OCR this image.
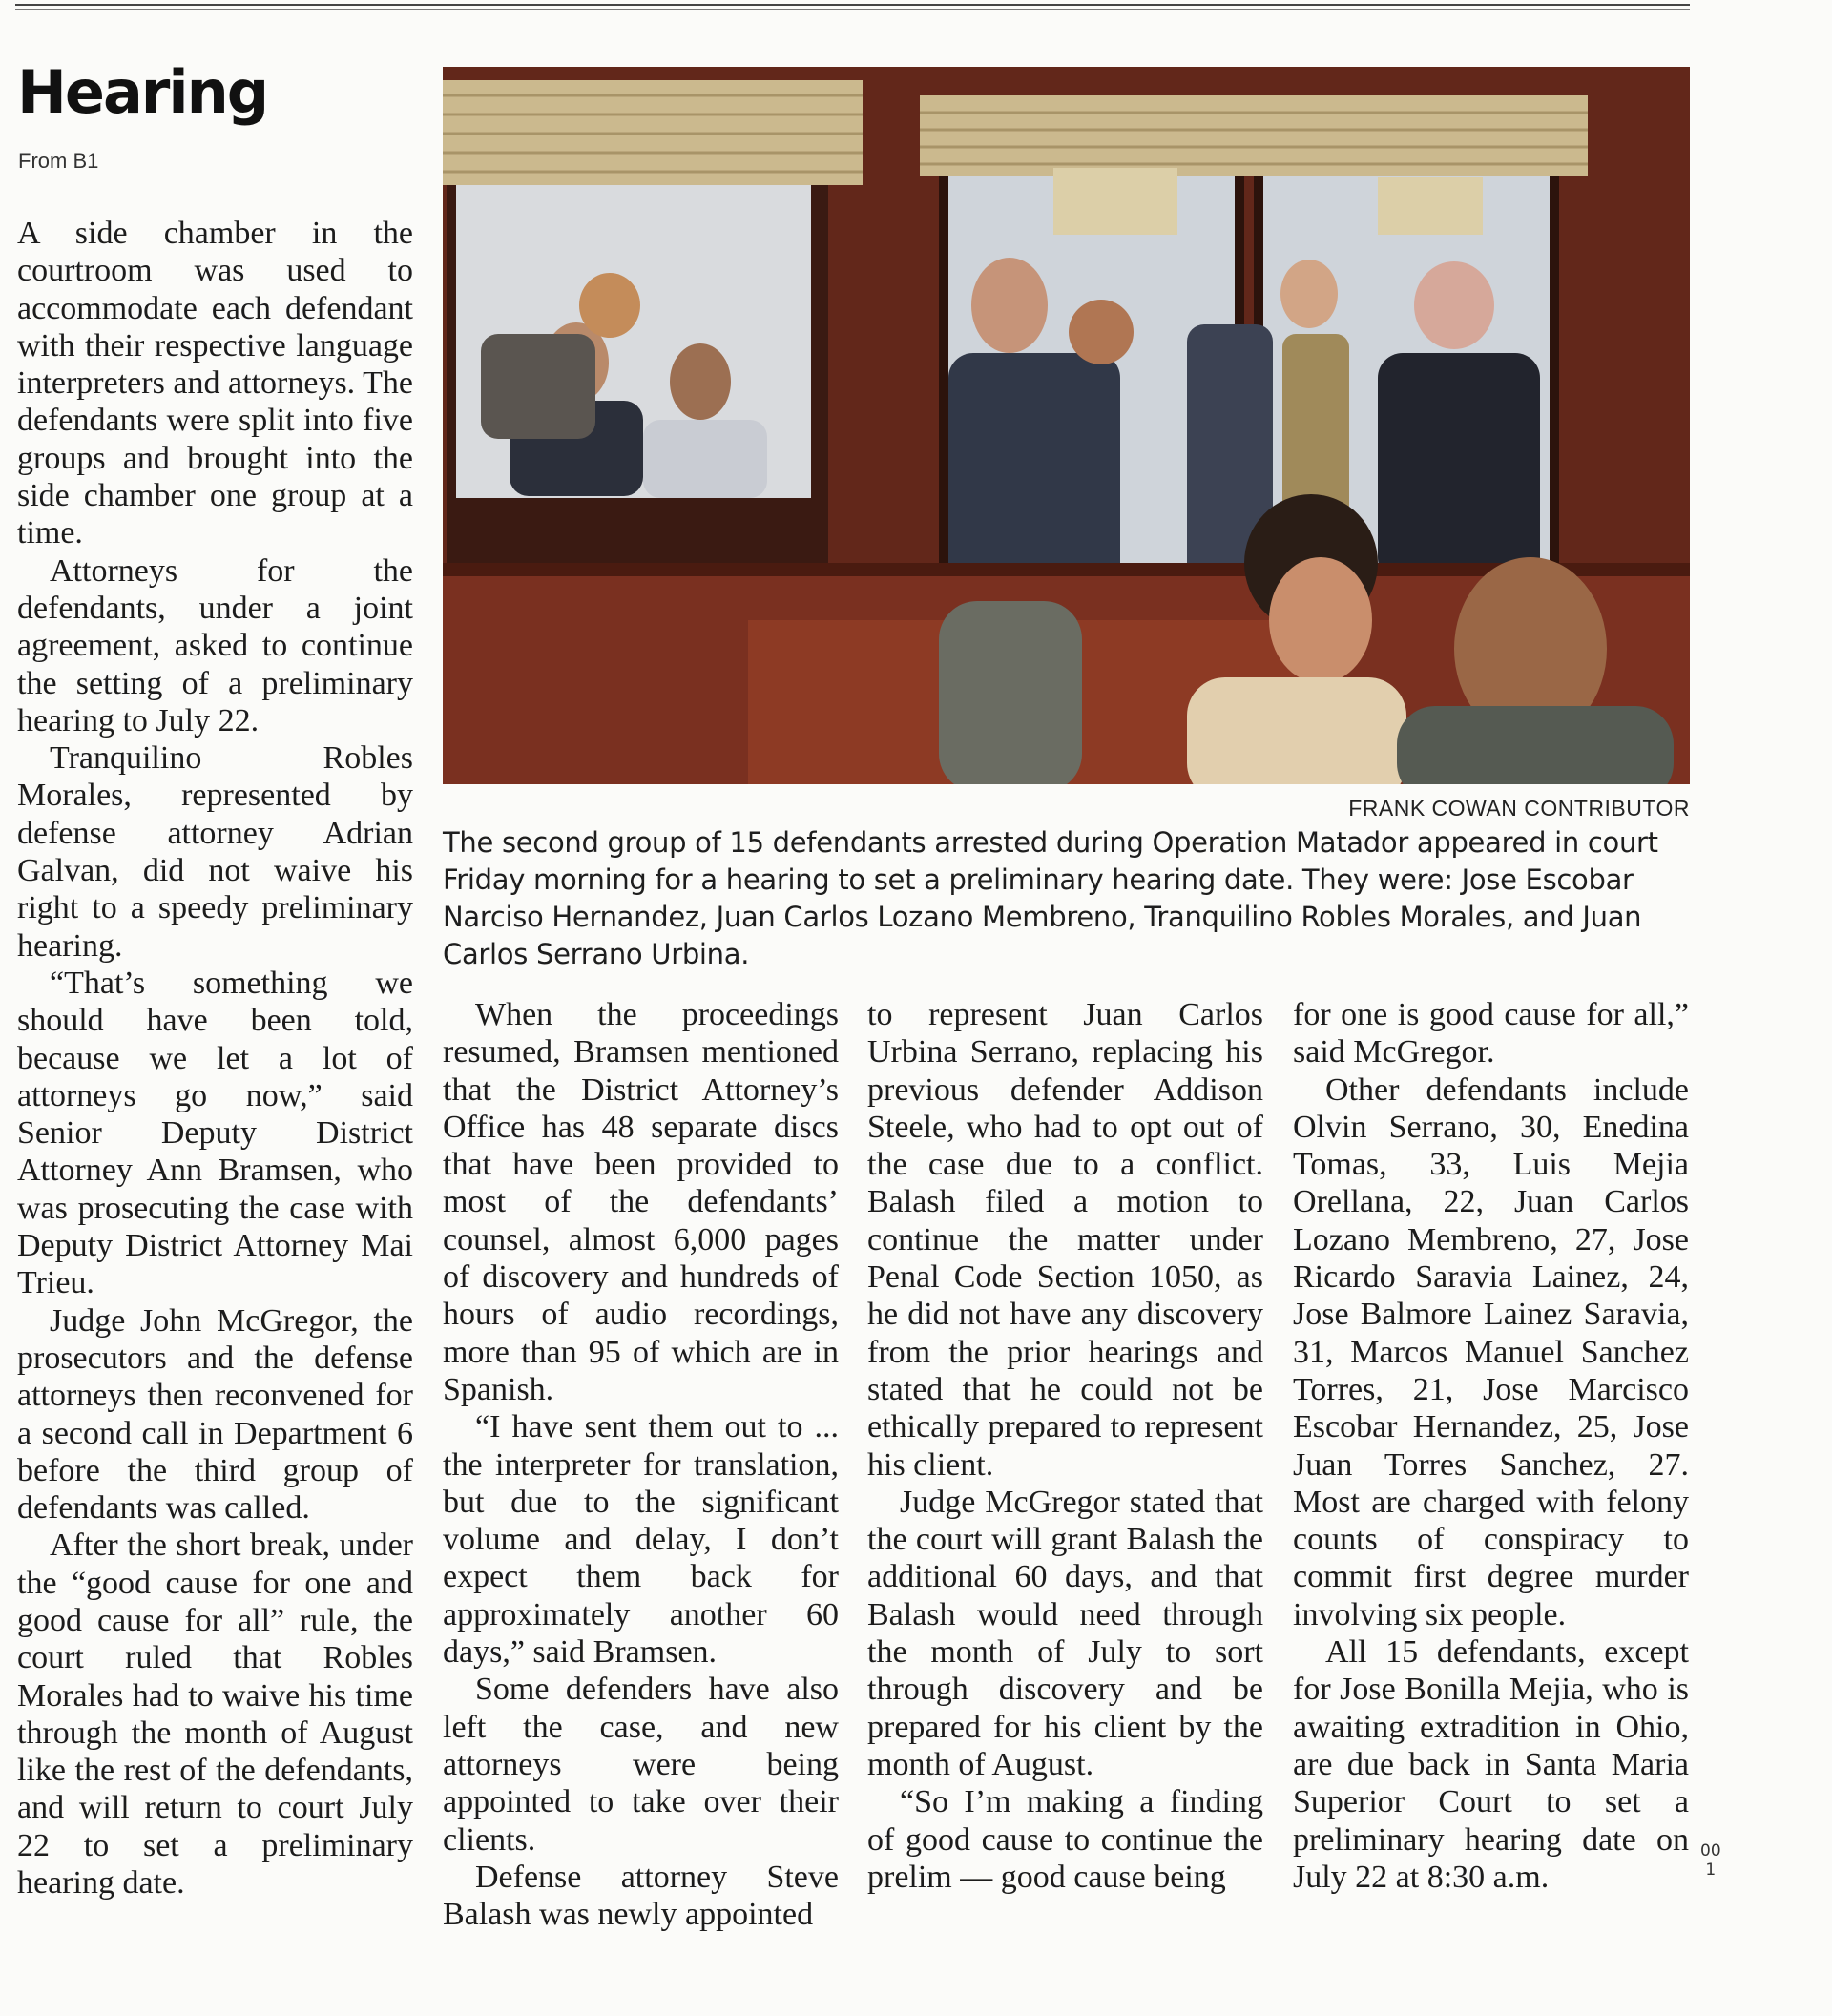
Hearing
From B1

A side chamber in the courtroom was used to accommodate each defendant with their respective language interpreters and attorneys. The defendants were split into five groups and brought into the side chamber one group at a time.

Attorneys for the defendants, under a joint agreement, asked to continue the setting of a preliminary hearing to July 22.

Tranquilino Robles Morales, represented by defense attorney Adrian Galvan, did not waive his right to a speedy preliminary hearing.

“That’s something we should have been told, because we let a lot of attorneys go now,” said Senior Deputy District Attorney Ann Bramsen, who was prosecuting the case with Deputy District Attorney Mai Trieu.

Judge John McGregor, the prosecutors and the defense attorneys then reconvened for a second call in Department 6 before the third group of defendants was called.

After the short break, under the “good cause for one and good cause for all” rule, the court ruled that Robles Morales had to waive his time through the month of August like the rest of the defendants, and will return to court July 22 to set a preliminary hearing date.

FRANK COWAN CONTRIBUTOR
The second group of 15 defendants arrested during Operation Matador appeared in court Friday morning for a hearing to set a preliminary hearing date. They were: Jose Escobar Narciso Hernandez, Juan Carlos Lozano Membreno, Tranquilino Robles Morales, and Juan Carlos Serrano Urbina.

When the proceedings resumed, Bramsen mentioned that the District Attorney’s Office has 48 separate discs that have been provided to most of the defendants’ counsel, almost 6,000 pages of discovery and hundreds of hours of audio recordings, more than 95 of which are in Spanish.

“I have sent them out to ... the interpreter for translation, but due to the significant volume and delay, I don’t expect them back for approximately another 60 days,” said Bramsen.

Some defenders have also left the case, and new attorneys were being appointed to take over their clients.

Defense attorney Steve Balash was newly appointed

to represent Juan Carlos Urbina Serrano, replacing his previous defender Addison Steele, who had to opt out of the case due to a conflict. Balash filed a motion to continue the matter under Penal Code Section 1050, as he did not have any discovery from the prior hearings and stated that he could not be ethically prepared to represent his client.

Judge McGregor stated that the court will grant Balash the additional 60 days, and that Balash would need through the month of July to sort through discovery and be prepared for his client by the month of August.

“So I’m making a finding of good cause to continue the prelim — good cause being

for one is good cause for all,” said McGregor.

Other defendants include Olvin Serrano, 30, Enedina Tomas, 33, Luis Mejia Orellana, 22, Juan Carlos Lozano Membreno, 27, Jose Ricardo Saravia Lainez, 24, Jose Balmore Lainez Saravia, 31, Marcos Manuel Sanchez Torres, 21, Jose Marcisco Escobar Hernandez, 25, Jose Juan Torres Sanchez, 27. Most are charged with felony counts of conspiracy to commit first degree murder involving six people.

All 15 defendants, except for Jose Bonilla Mejia, who is awaiting extradition in Ohio, are due back in Santa Maria Superior Court to set a preliminary hearing date on July 22 at 8:30 a.m.

00
1
